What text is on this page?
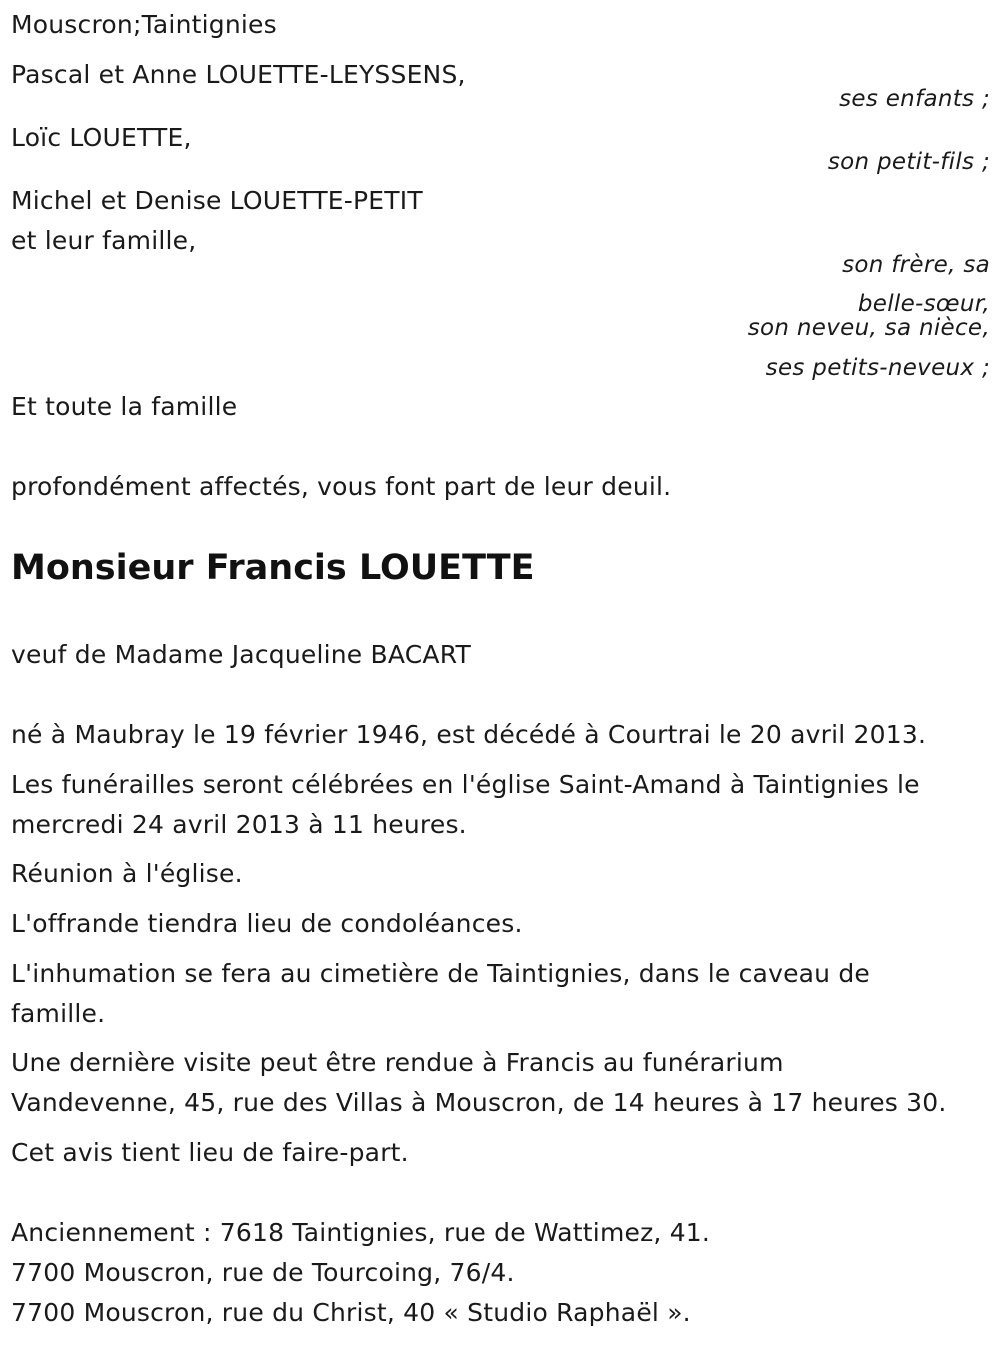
Mouscron;Taintignies
Pascal et Anne LOUETTE-LEYSSENS,
ses enfants ;
Loïc LOUETTE,
son petit-fils ;
Michel et Denise LOUETTE-PETIT
et leur famille,
son frère, sa
belle-sœur,
son neveu, sa nièce,
ses petits-neveux ;
Et toute la famille
profondément affectés, vous font part de leur deuil.
Monsieur Francis LOUETTE
veuf de Madame Jacqueline BACART
né à Maubray le 19 février 1946, est décédé à Courtrai le 20 avril 2013.
Les funérailles seront célébrées en l'église Saint-Amand à Taintignies le
mercredi 24 avril 2013 à 11 heures.
Réunion à l'église.
L'offrande tiendra lieu de condoléances.
L'inhumation se fera au cimetière de Taintignies, dans le caveau de
famille.
Une dernière visite peut être rendue à Francis au funérarium
Vandevenne, 45, rue des Villas à Mouscron, de 14 heures à 17 heures 30.
Cet avis tient lieu de faire-part.
Anciennement : 7618 Taintignies, rue de Wattimez, 41.
7700 Mouscron, rue de Tourcoing, 76/4.
7700 Mouscron, rue du Christ, 40 « Studio Raphaël ».
